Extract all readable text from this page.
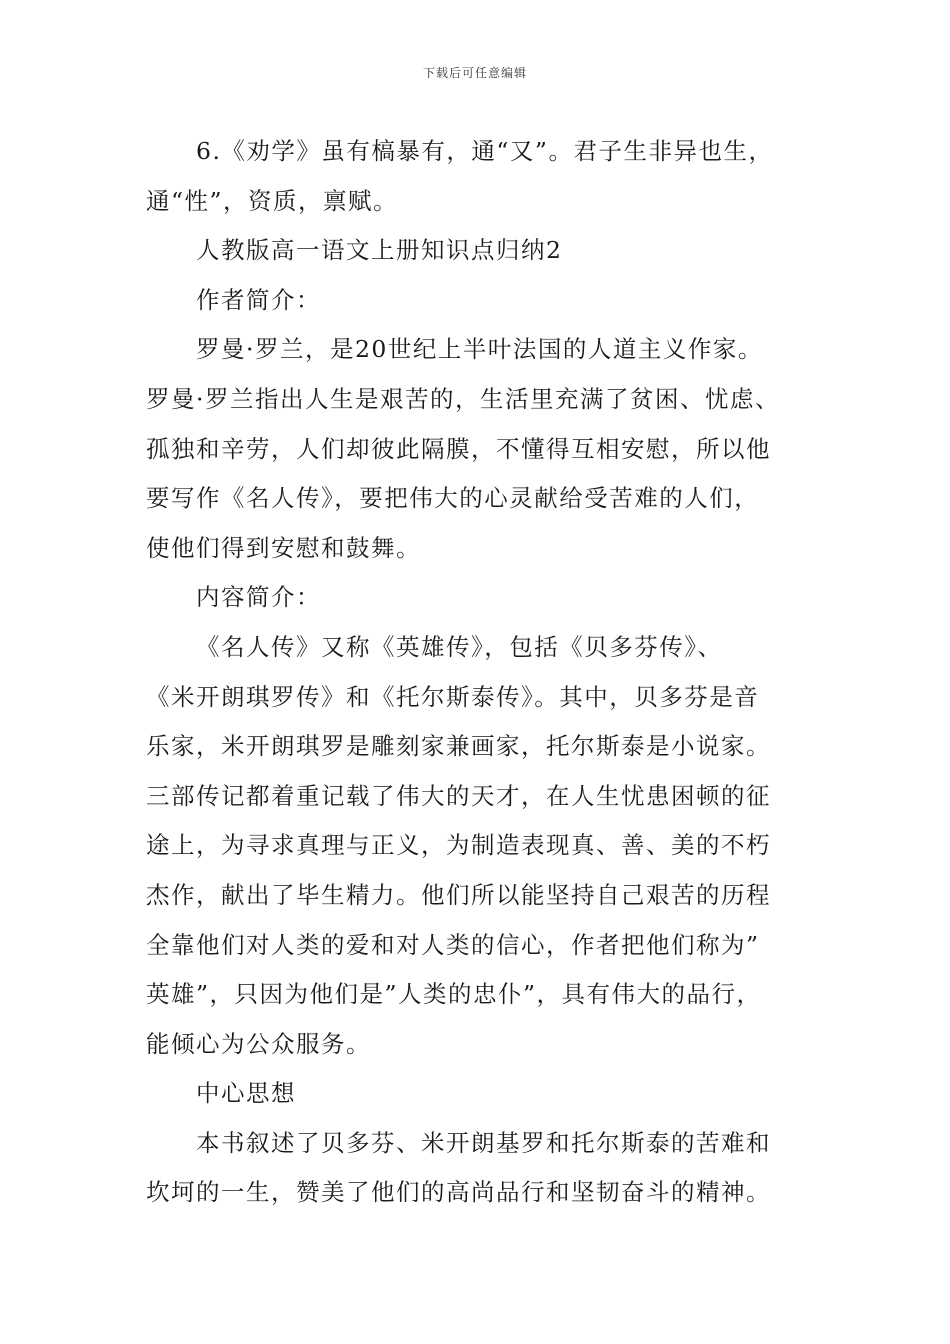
下载后可任意编辑

6.《劝学》虽有槁暴有，通“又”。君子生非异也生，
通“性”，资质，禀赋。

人教版高一语文上册知识点归纳2

作者简介：

罗曼·罗兰，是20世纪上半叶法国的人道主义作家。
罗曼·罗兰指出人生是艰苦的，生活里充满了贫困、忧虑、
孤独和辛劳，人们却彼此隔膜，不懂得互相安慰，所以他
要写作《名人传》，要把伟大的心灵献给受苦难的人们，
使他们得到安慰和鼓舞。

内容简介：

《名人传》又称《英雄传》，包括《贝多芬传》、
《米开朗琪罗传》和《托尔斯泰传》。其中，贝多芬是音
乐家，米开朗琪罗是雕刻家兼画家，托尔斯泰是小说家。
三部传记都着重记载了伟大的天才，在人生忧患困顿的征
途上，为寻求真理与正义，为制造表现真、善、美的不朽
杰作，献出了毕生精力。他们所以能坚持自己艰苦的历程
全靠他们对人类的爱和对人类的信心，作者把他们称为”
英雄”，只因为他们是”人类的忠仆”，具有伟大的品行，
能倾心为公众服务。

中心思想

本书叙述了贝多芬、米开朗基罗和托尔斯泰的苦难和
坎坷的一生，赞美了他们的高尚品行和坚韧奋斗的精神。
